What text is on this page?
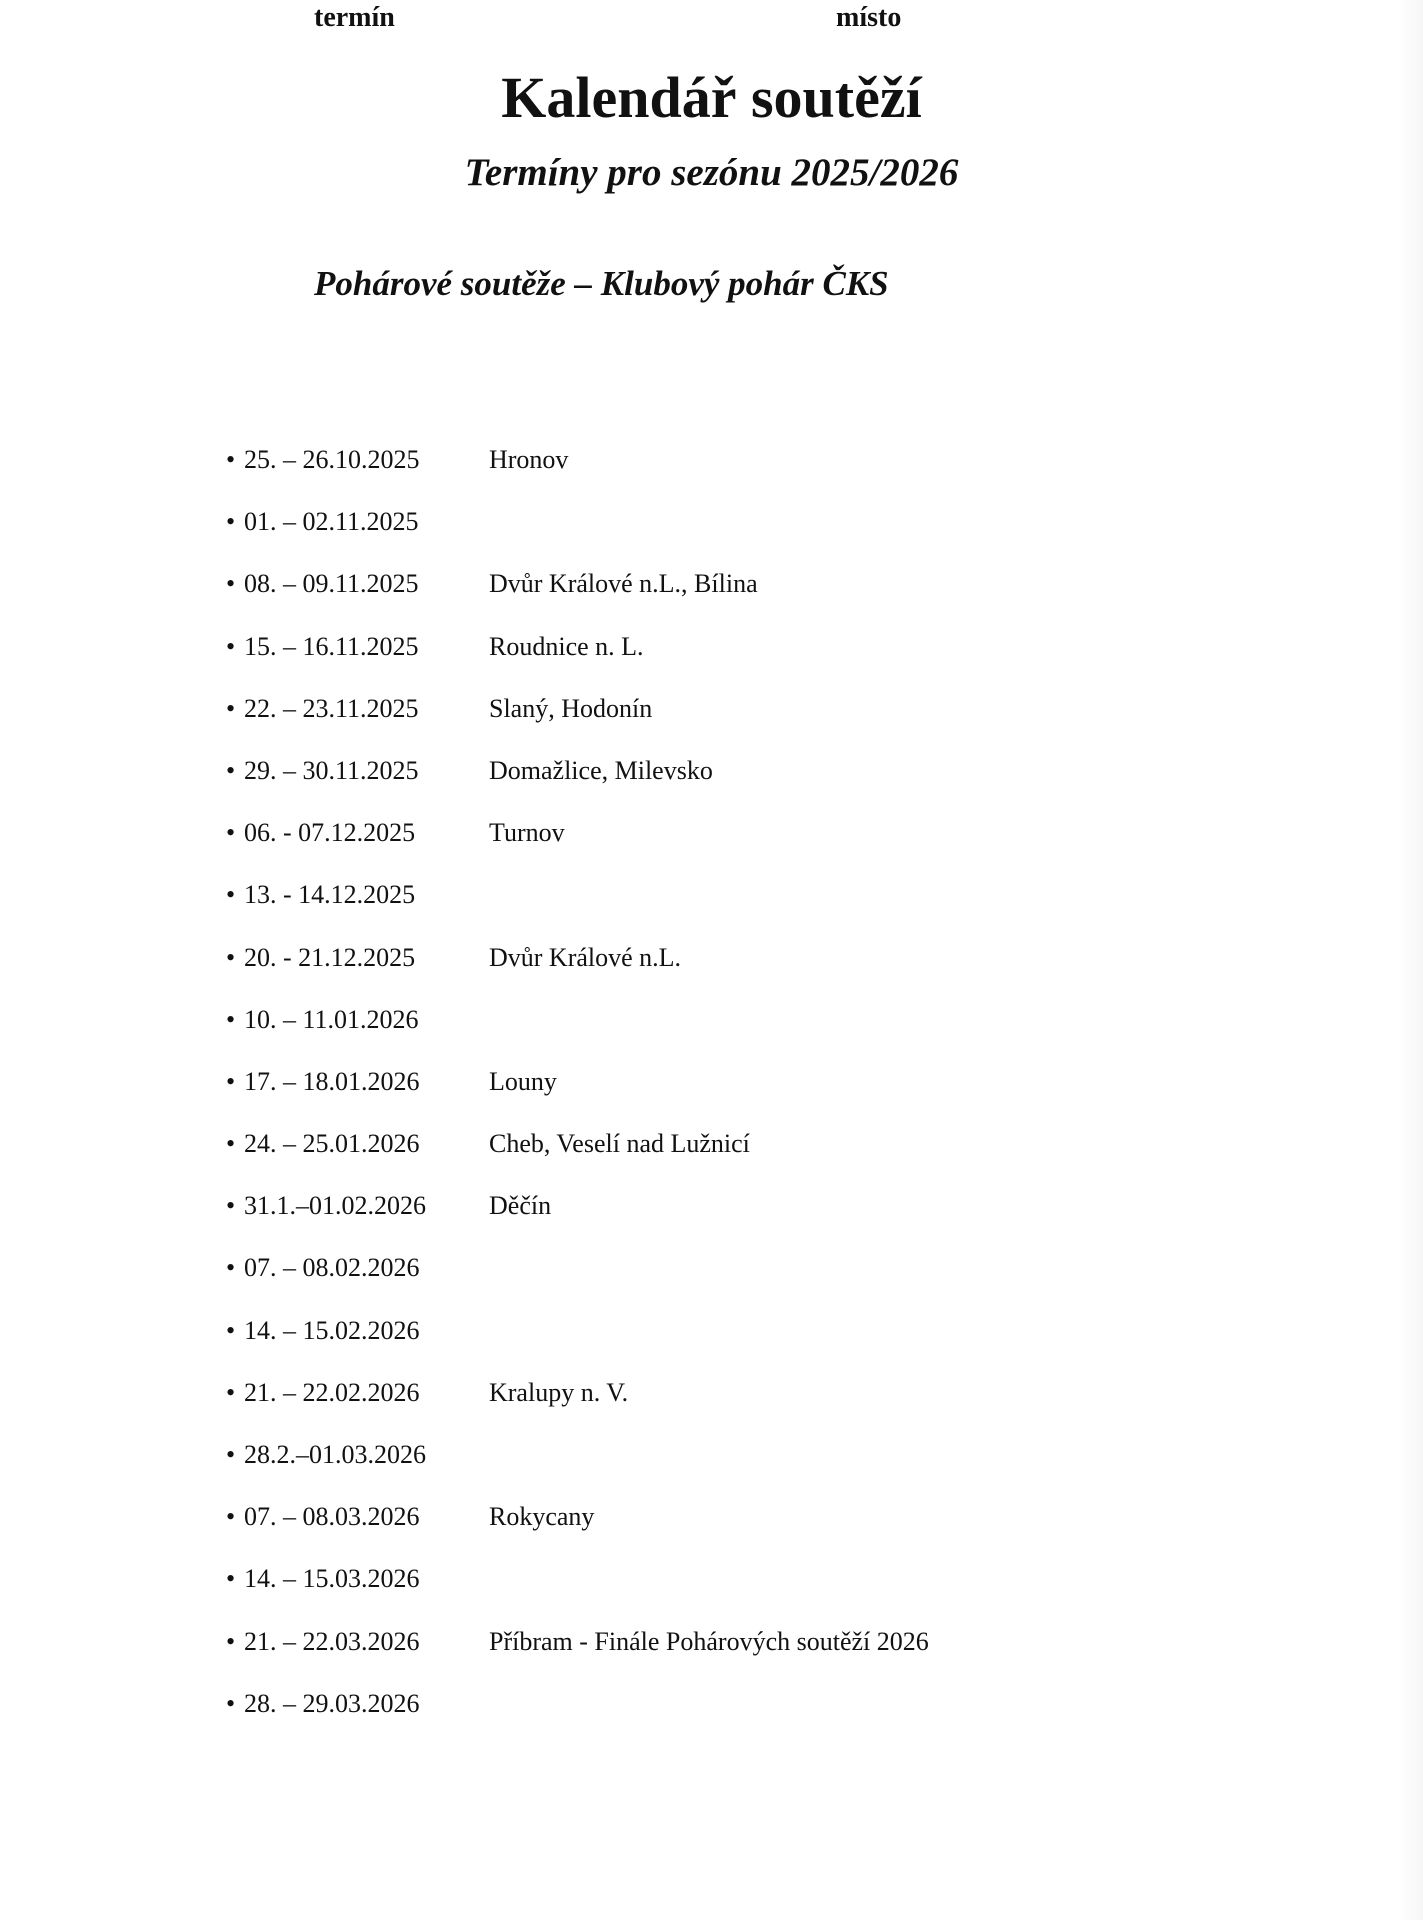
Kalendář soutěží
Termíny pro sezónu 2025/2026
Pohárové soutěže – Klubový pohár ČKS
termín	místo
• 25. – 26.10.2025	Hronov
• 01. – 02.11.2025
• 08. – 09.11.2025	Dvůr Králové n.L., Bílina
• 15. – 16.11.2025	Roudnice n. L.
• 22. – 23.11.2025	Slaný, Hodonín
• 29. – 30.11.2025	Domažlice, Milevsko
• 06. - 07.12.2025	Turnov
• 13. - 14.12.2025
• 20. - 21.12.2025	Dvůr Králové n.L.
• 10. – 11.01.2026
• 17. – 18.01.2026	Louny
• 24. – 25.01.2026	Cheb, Veselí nad Lužnicí
• 31.1.–01.02.2026 Děčín
• 07. – 08.02.2026
• 14. – 15.02.2026
• 21. – 22.02.2026	Kralupy n. V.
• 28.2.–01.03.2026
• 07. – 08.03.2026	Rokycany
• 14. – 15.03.2026
• 21. – 22.03.2026	Příbram - Finále Pohárových soutěží 2026
• 28. – 29.03.2026
